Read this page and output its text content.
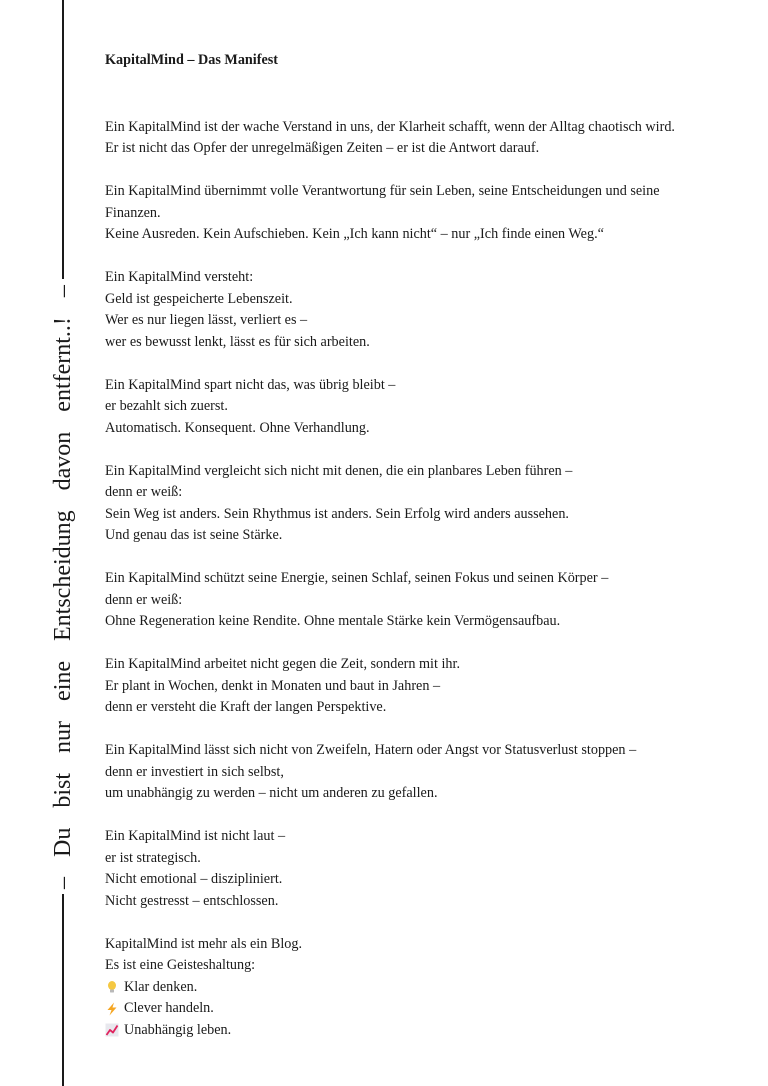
– Du bist nur eine Entscheidung davon entfernt..! –
KapitalMind – Das Manifest
Ein KapitalMind ist der wache Verstand in uns, der Klarheit schafft, wenn der Alltag chaotisch wird.
Er ist nicht das Opfer der unregelmäßigen Zeiten – er ist die Antwort darauf.
Ein KapitalMind übernimmt volle Verantwortung für sein Leben, seine Entscheidungen und seine
Finanzen.
Keine Ausreden. Kein Aufschieben. Kein „Ich kann nicht“ – nur „Ich finde einen Weg.“
Ein KapitalMind versteht:
Geld ist gespeicherte Lebenszeit.
Wer es nur liegen lässt, verliert es –
wer es bewusst lenkt, lässt es für sich arbeiten.
Ein KapitalMind spart nicht das, was übrig bleibt –
er bezahlt sich zuerst.
Automatisch. Konsequent. Ohne Verhandlung.
Ein KapitalMind vergleicht sich nicht mit denen, die ein planbares Leben führen –
denn er weiß:
Sein Weg ist anders. Sein Rhythmus ist anders. Sein Erfolg wird anders aussehen.
Und genau das ist seine Stärke.
Ein KapitalMind schützt seine Energie, seinen Schlaf, seinen Fokus und seinen Körper –
denn er weiß:
Ohne Regeneration keine Rendite. Ohne mentale Stärke kein Vermögensaufbau.
Ein KapitalMind arbeitet nicht gegen die Zeit, sondern mit ihr.
Er plant in Wochen, denkt in Monaten und baut in Jahren –
denn er versteht die Kraft der langen Perspektive.
Ein KapitalMind lässt sich nicht von Zweifeln, Hatern oder Angst vor Statusverlust stoppen –
denn er investiert in sich selbst,
um unabhängig zu werden – nicht um anderen zu gefallen.
Ein KapitalMind ist nicht laut –
er ist strategisch.
Nicht emotional – diszipliniert.
Nicht gestresst – entschlossen.
KapitalMind ist mehr als ein Blog.
Es ist eine Geisteshaltung:
Klar denken.
Clever handeln.
Unabhängig leben.
